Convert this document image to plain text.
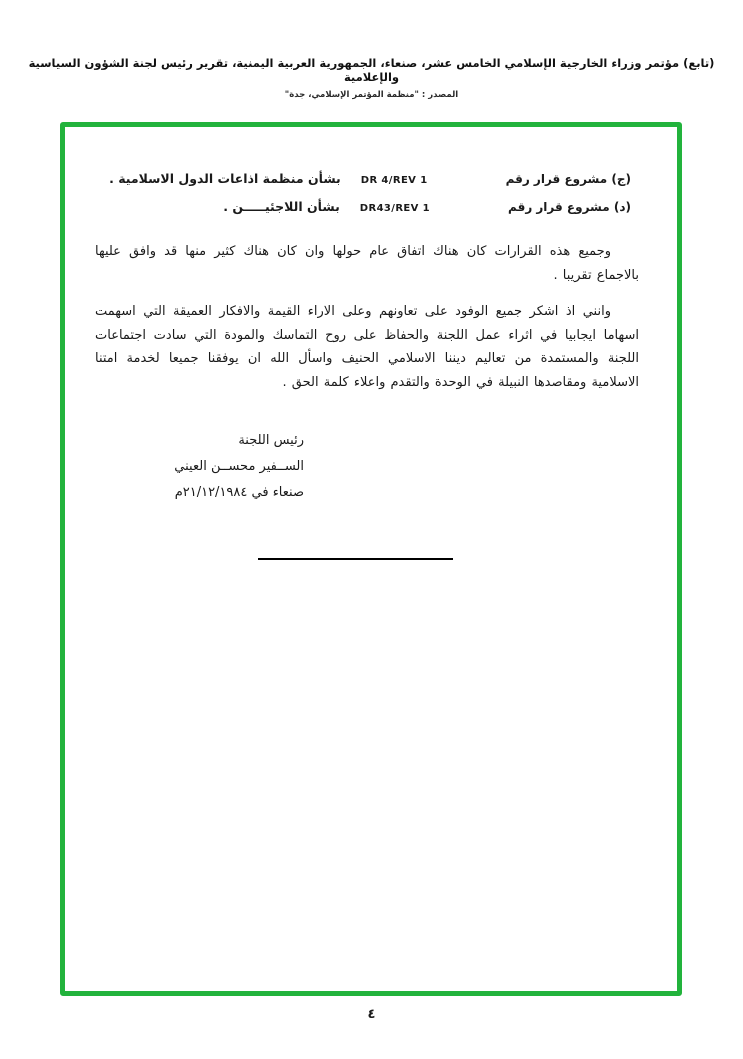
(تابع) مؤتمر وزراء الخارجية الإسلامي الخامس عشر، صنعاء، الجمهورية العربية اليمنية، تقرير رئيس لجنة الشؤون السياسية والإعلامية
المصدر : "منظمة المؤتمر الإسلامي، جدة"
(ج) مشروع قرار رقم
DR 4/REV 1
بشأن منظمة اذاعات الدول الاسلامية .
(د) مشروع قرار رقم
DR43/REV 1
بشأن اللاجئيـــــن .

وجميع هذه القرارات كان هناك اتفاق عام حولها وان كان هناك كثير منها قد وافق عليها بالاجماع تقريبا .

وانني اذ اشكر جميع الوفود على تعاونهم وعلى الاراء القيمة والافكار العميقة التي اسهمت اسهاما ايجابيا في اثراء عمل اللجنة والحفاظ على روح التماسك والمودة التي سادت اجتماعات اللجنة والمستمدة من تعاليم ديننا الاسلامي الحنيف واسأل الله ان يوفقنا جميعا لخدمة امتنا الاسلامية ومقاصدها النبيلة في الوحدة والتقدم واعلاء كلمة الحق .

رئيس اللجنة
الســفير محســن العيني
صنعاء في ٢١/١٢/١٩٨٤م
٤
